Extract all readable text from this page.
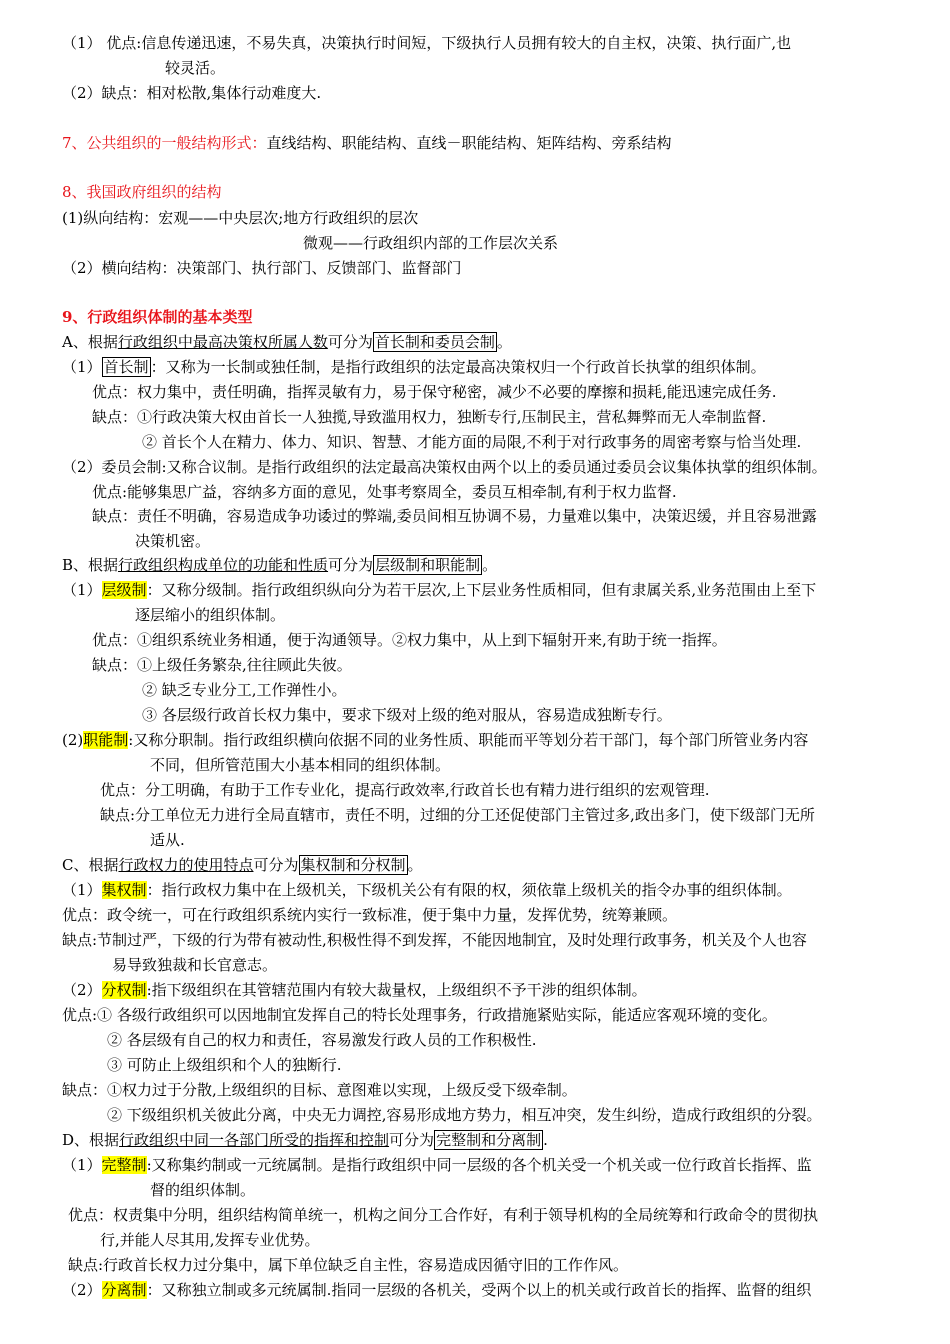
（1） 优点:信息传递迅速，不易失真，决策执行时间短，下级执行人员拥有较大的自主权，决策、执行面广,也
较灵活。
（2）缺点：相对松散,集体行动难度大.
7、公共组织的一般结构形式：直线结构、职能结构、直线－职能结构、矩阵结构、旁系结构
8、我国政府组织的结构
(1)纵向结构：宏观——中央层次;地方行政组织的层次
微观——行政组织内部的工作层次关系
（2）横向结构：决策部门、执行部门、反馈部门、监督部门
9、行政组织体制的基本类型
A、根据行政组织中最高决策权所属人数可分为 首长制和委员会制 。
（1） 首长制 ：又称为一长制或独任制，是指行政组织的法定最高决策权归一个行政首长执掌的组织体制。
优点：权力集中，责任明确，指挥灵敏有力，易于保守秘密，减少不必要的摩擦和损耗,能迅速完成任务.
缺点：①行政决策大权由首长一人独揽,导致滥用权力，独断专行,压制民主，营私舞弊而无人牵制监督.
② 首长个人在精力、体力、知识、智慧、才能方面的局限,不利于对行政事务的周密考察与恰当处理.
（2）委员会制:又称合议制。是指行政组织的法定最高决策权由两个以上的委员通过委员会议集体执掌的组织体制。
优点:能够集思广益，容纳多方面的意见，处事考察周全，委员互相牵制,有利于权力监督.
缺点：责任不明确，容易造成争功诿过的弊端,委员间相互协调不易，力量难以集中，决策迟缓，并且容易泄露
决策机密。
B、根据行政组织构成单位的功能和性质可分为 层级制和职能制 。
（1）层级制：又称分级制。指行政组织纵向分为若干层次,上下层业务性质相同，但有隶属关系,业务范围由上至下
逐层缩小的组织体制。
优点：①组织系统业务相通，便于沟通领导。②权力集中，从上到下辐射开来,有助于统一指挥。
缺点：①上级任务繁杂,往往顾此失彼。
② 缺乏专业分工,工作弹性小。
③ 各层级行政首长权力集中，要求下级对上级的绝对服从，容易造成独断专行。
(2)职能制:又称分职制。指行政组织横向依据不同的业务性质、职能而平等划分若干部门，每个部门所管业务内容
不同，但所管范围大小基本相同的组织体制。
优点：分工明确，有助于工作专业化，提高行政效率,行政首长也有精力进行组织的宏观管理.
缺点:分工单位无力进行全局直辖市，责任不明，过细的分工还促使部门主管过多,政出多门，使下级部门无所
适从.
C、根据行政权力的使用特点可分为 集权制和分权制 。
（1）集权制：指行政权力集中在上级机关，下级机关公有有限的权，须依靠上级机关的指令办事的组织体制。
优点：政令统一，可在行政组织系统内实行一致标准，便于集中力量，发挥优势，统筹兼顾。
缺点:节制过严，下级的行为带有被动性,积极性得不到发挥，不能因地制宜，及时处理行政事务，机关及个人也容
易导致独裁和长官意志。
（2）分权制:指下级组织在其管辖范围内有较大裁量权，上级组织不予干涉的组织体制。
优点:① 各级行政组织可以因地制宜发挥自己的特长处理事务，行政措施紧贴实际，能适应客观环境的变化。
② 各层级有自己的权力和责任，容易激发行政人员的工作积极性.
③ 可防止上级组织和个人的独断行.
缺点：①权力过于分散,上级组织的目标、意图难以实现，上级反受下级牵制。
② 下级组织机关彼此分离，中央无力调控,容易形成地方势力，相互冲突，发生纠纷，造成行政组织的分裂。
D、根据行政组织中同一各部门所受的指挥和控制可分为 完整制和分离制 .
（1）完整制:又称集约制或一元统属制。是指行政组织中同一层级的各个机关受一个机关或一位行政首长指挥、监
督的组织体制。
优点：权责集中分明，组织结构简单统一，机构之间分工合作好，有利于领导机构的全局统筹和行政命令的贯彻执
行,并能人尽其用,发挥专业优势。
缺点:行政首长权力过分集中，属下单位缺乏自主性，容易造成因循守旧的工作作风。
（2）分离制：又称独立制或多元统属制.指同一层级的各机关，受两个以上的机关或行政首长的指挥、监督的组织
